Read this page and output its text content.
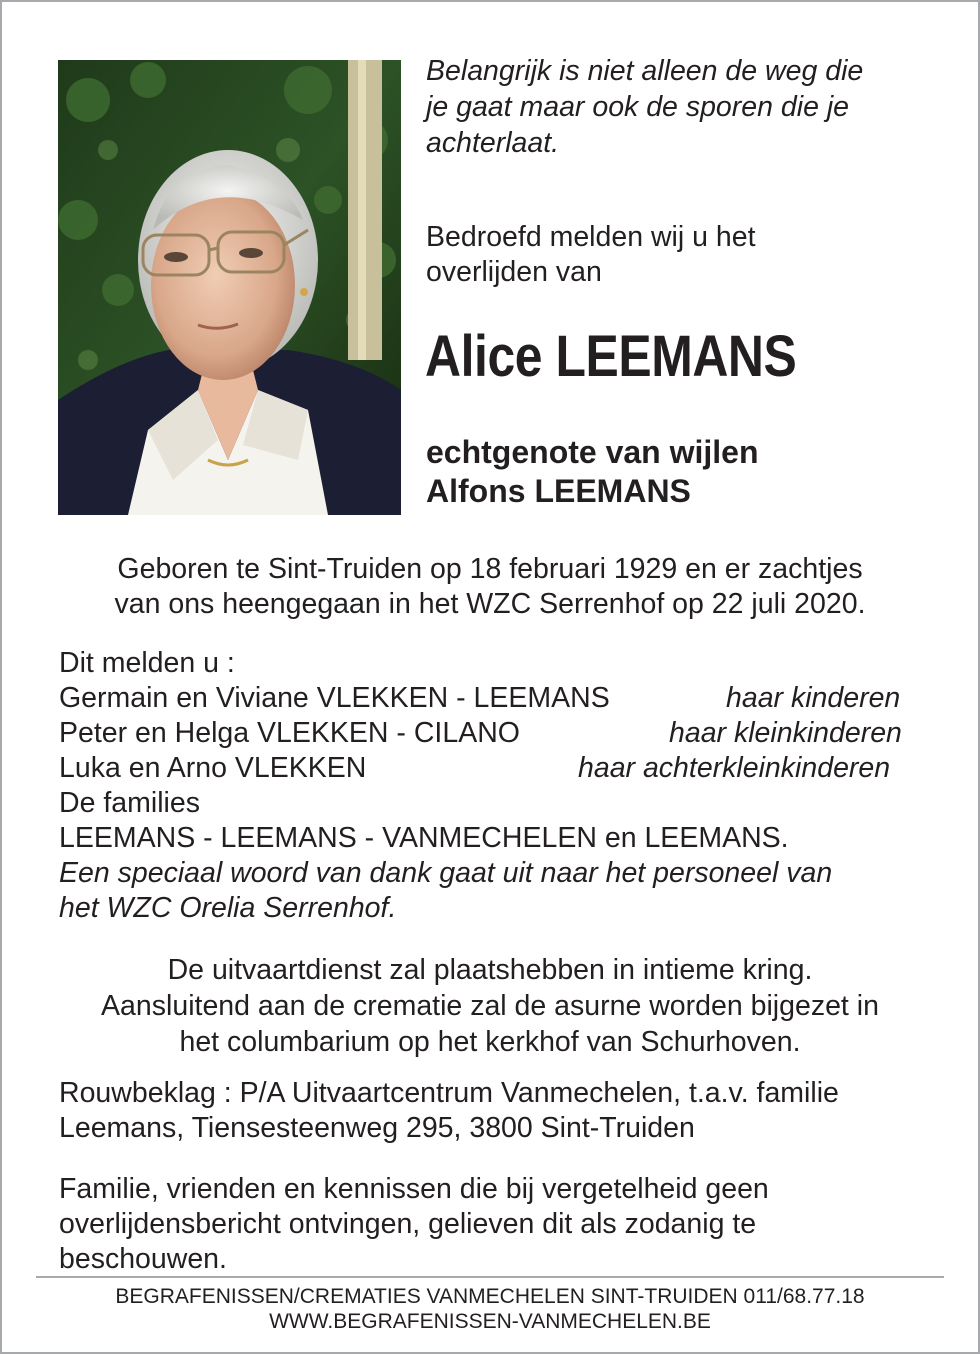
Belangrijk is niet alleen de weg die
je gaat maar ook de sporen die je
achterlaat.
Bedroefd melden wij u het
overlijden van
Alice LEEMANS
echtgenote van wijlen
Alfons LEEMANS
Geboren te Sint-Truiden op 18 februari 1929 en er zachtjes
van ons heengegaan in het WZC Serrenhof op 22 juli 2020.
Dit melden u :
Germain en Viviane VLEKKEN - LEEMANS	haar kinderen
Peter en Helga VLEKKEN - CILANO	haar kleinkinderen
Luka en Arno VLEKKEN	haar achterkleinkinderen
De families
LEEMANS - LEEMANS - VANMECHELEN en LEEMANS.
Een speciaal woord van dank gaat uit naar het personeel van
het WZC Orelia Serrenhof.
De uitvaartdienst zal plaatshebben in intieme kring.
Aansluitend aan de crematie zal de asurne worden bijgezet in
het columbarium op het kerkhof van Schurhoven.
Rouwbeklag : P/A Uitvaartcentrum Vanmechelen, t.a.v. familie
Leemans, Tiensesteenweg 295, 3800 Sint-Truiden
Familie, vrienden en kennissen die bij vergetelheid geen
overlijdensbericht ontvingen, gelieven dit als zodanig te
beschouwen.
BEGRAFENISSEN/CREMATIES VANMECHELEN SINT-TRUIDEN 011/68.77.18
WWW.BEGRAFENISSEN-VANMECHELEN.BE
